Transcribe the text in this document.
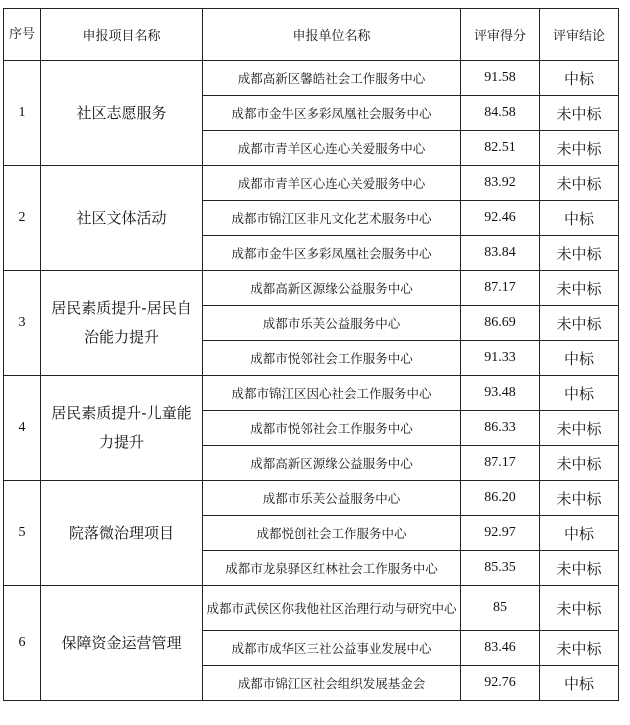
序号	申报项目名称	申报单位名称	评审得分	评审结论
1	社区志愿服务	成都高新区馨皓社会工作服务中心	91.58	中标
		成都市金牛区多彩凤凰社会服务中心	84.58	未中标
		成都市青羊区心连心关爱服务中心	82.51	未中标
2	社区文体活动	成都市青羊区心连心关爱服务中心	83.92	未中标
		成都市锦江区非凡文化艺术服务中心	92.46	中标
		成都市金牛区多彩凤凰社会服务中心	83.84	未中标
3	居民素质提升-居民自治能力提升	成都高新区源缘公益服务中心	87.17	未中标
		成都市乐芙公益服务中心	86.69	未中标
		成都市悦邻社会工作服务中心	91.33	中标
4	居民素质提升-儿童能力提升	成都市锦江区因心社会工作服务中心	93.48	中标
		成都市悦邻社会工作服务中心	86.33	未中标
		成都高新区源缘公益服务中心	87.17	未中标
5	院落微治理项目	成都市乐芙公益服务中心	86.20	未中标
		成都悦创社会工作服务中心	92.97	中标
		成都市龙泉驿区红林社会工作服务中心	85.35	未中标
6	保障资金运营管理	成都市武侯区你我他社区治理行动与研究中心	85	未中标
		成都市成华区三社公益事业发展中心	83.46	未中标
		成都市锦江区社会组织发展基金会	92.76	中标
